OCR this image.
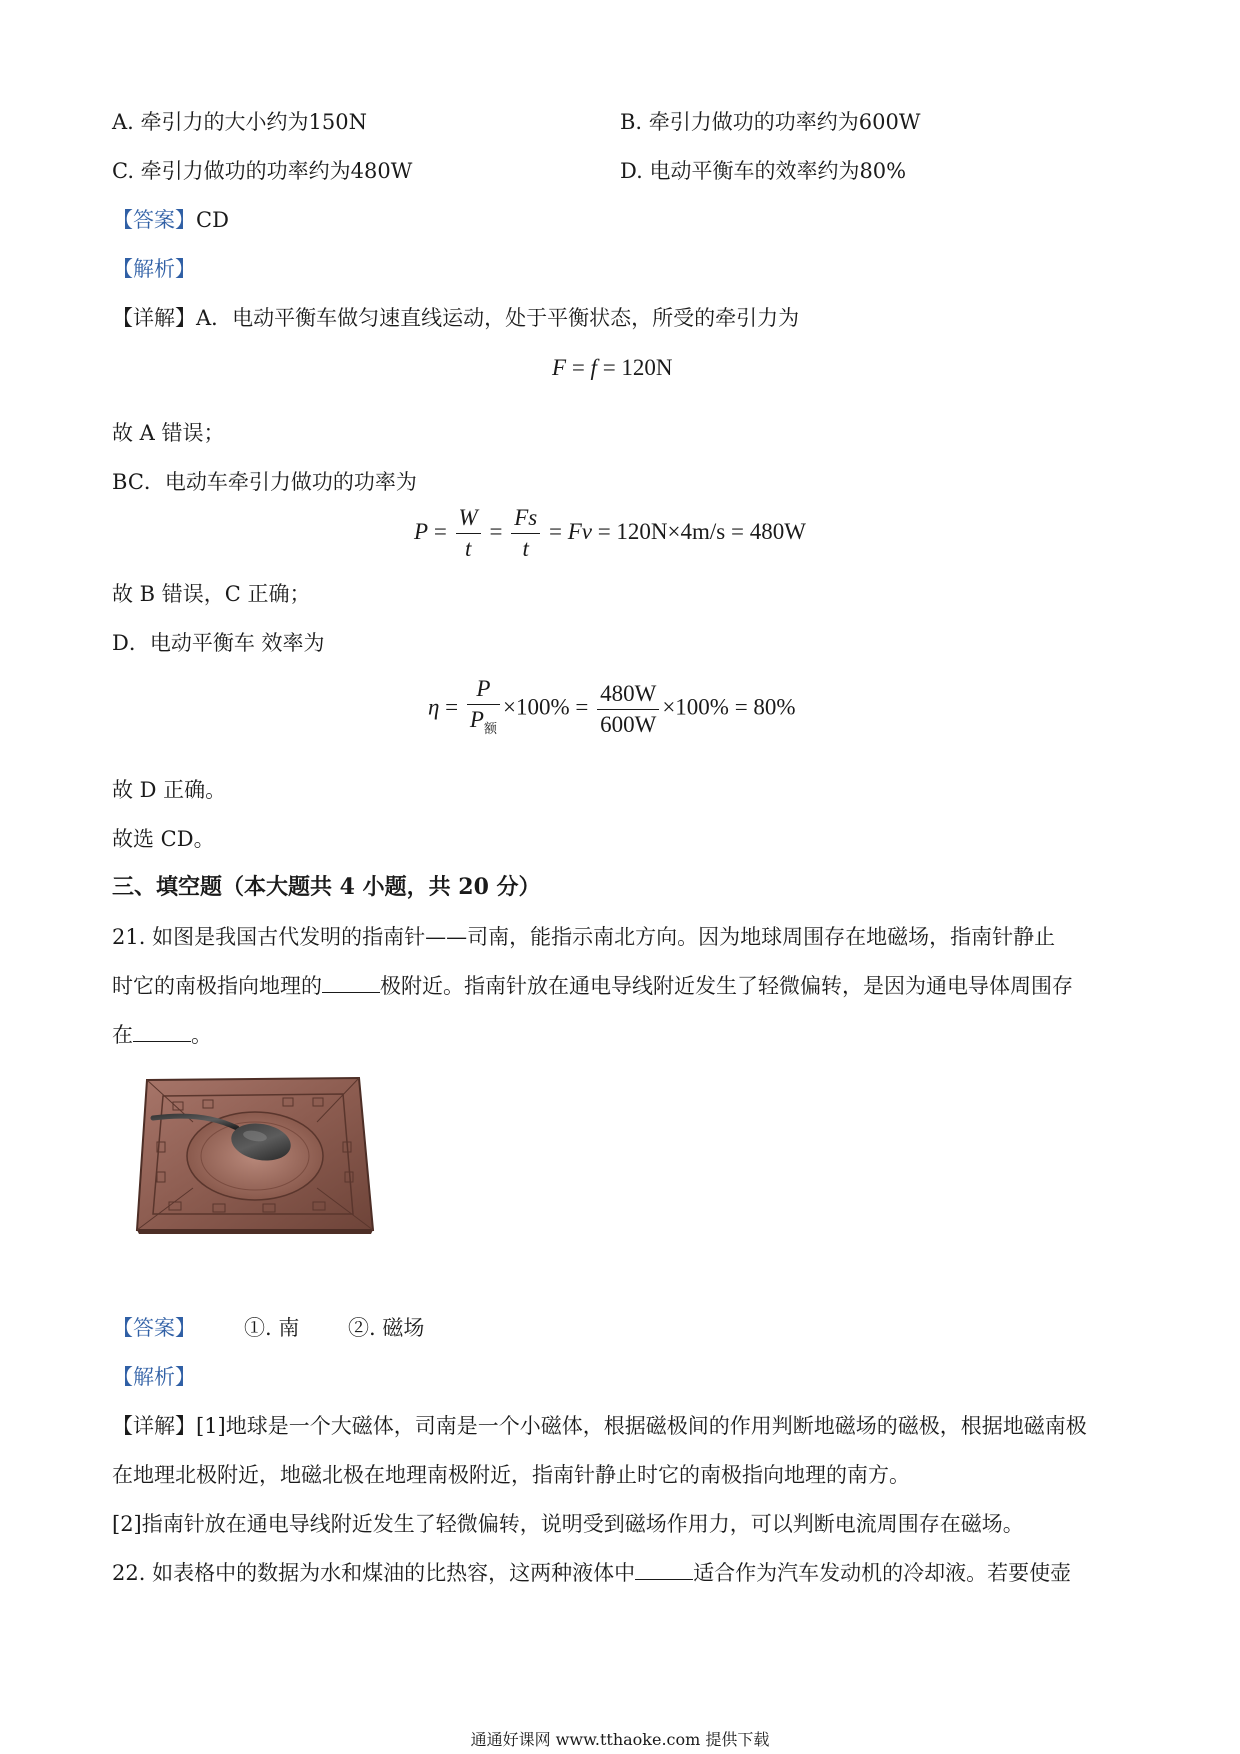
A. 牵引力的大小约为150N	B. 牵引力做功的功率约为600W
C. 牵引力做功的功率约为480W	D. 电动平衡车的效率约为80%
【答案】CD
【解析】
【详解】A．电动平衡车做匀速直线运动，处于平衡状态，所受的牵引力为
F = f = 120N
故 A 错误；
BC．电动车牵引力做功的功率为
$P = \frac{W}{t} = \frac{Fs}{t} = Fv = 120N\times 4m/s = 480W$
故 B 错误，C 正确；
D．电动平衡车 效率为
$\eta = \frac{P}{P_额} \times 100\% = \frac{480W}{600W} \times 100\% = 80\%$
故 D 正确。
故选 CD。
三、填空题（本大题共 4 小题，共 20 分）
21. 如图是我国古代发明的指南针——司南，能指示南北方向。因为地球周围存在地磁场，指南针静止
时它的南极指向地理的	极附近。指南针放在通电导线附近发生了轻微偏转，是因为通电导体周围存
在	。
【答案】 ①. 南 ②. 磁场
【解析】
【详解】[1]地球是一个大磁体，司南是一个小磁体，根据磁极间的作用判断地磁场的磁极，根据地磁南极
在地理北极附近，地磁北极在地理南极附近，指南针静止时它的南极指向地理的南方。
[2]指南针放在通电导线附近发生了轻微偏转，说明受到磁场作用力，可以判断电流周围存在磁场。
22. 如表格中的数据为水和煤油的比热容，这两种液体中	适合作为汽车发动机的冷却液。若要使壶
通通好课网 www.tthaoke.com 提供下载
